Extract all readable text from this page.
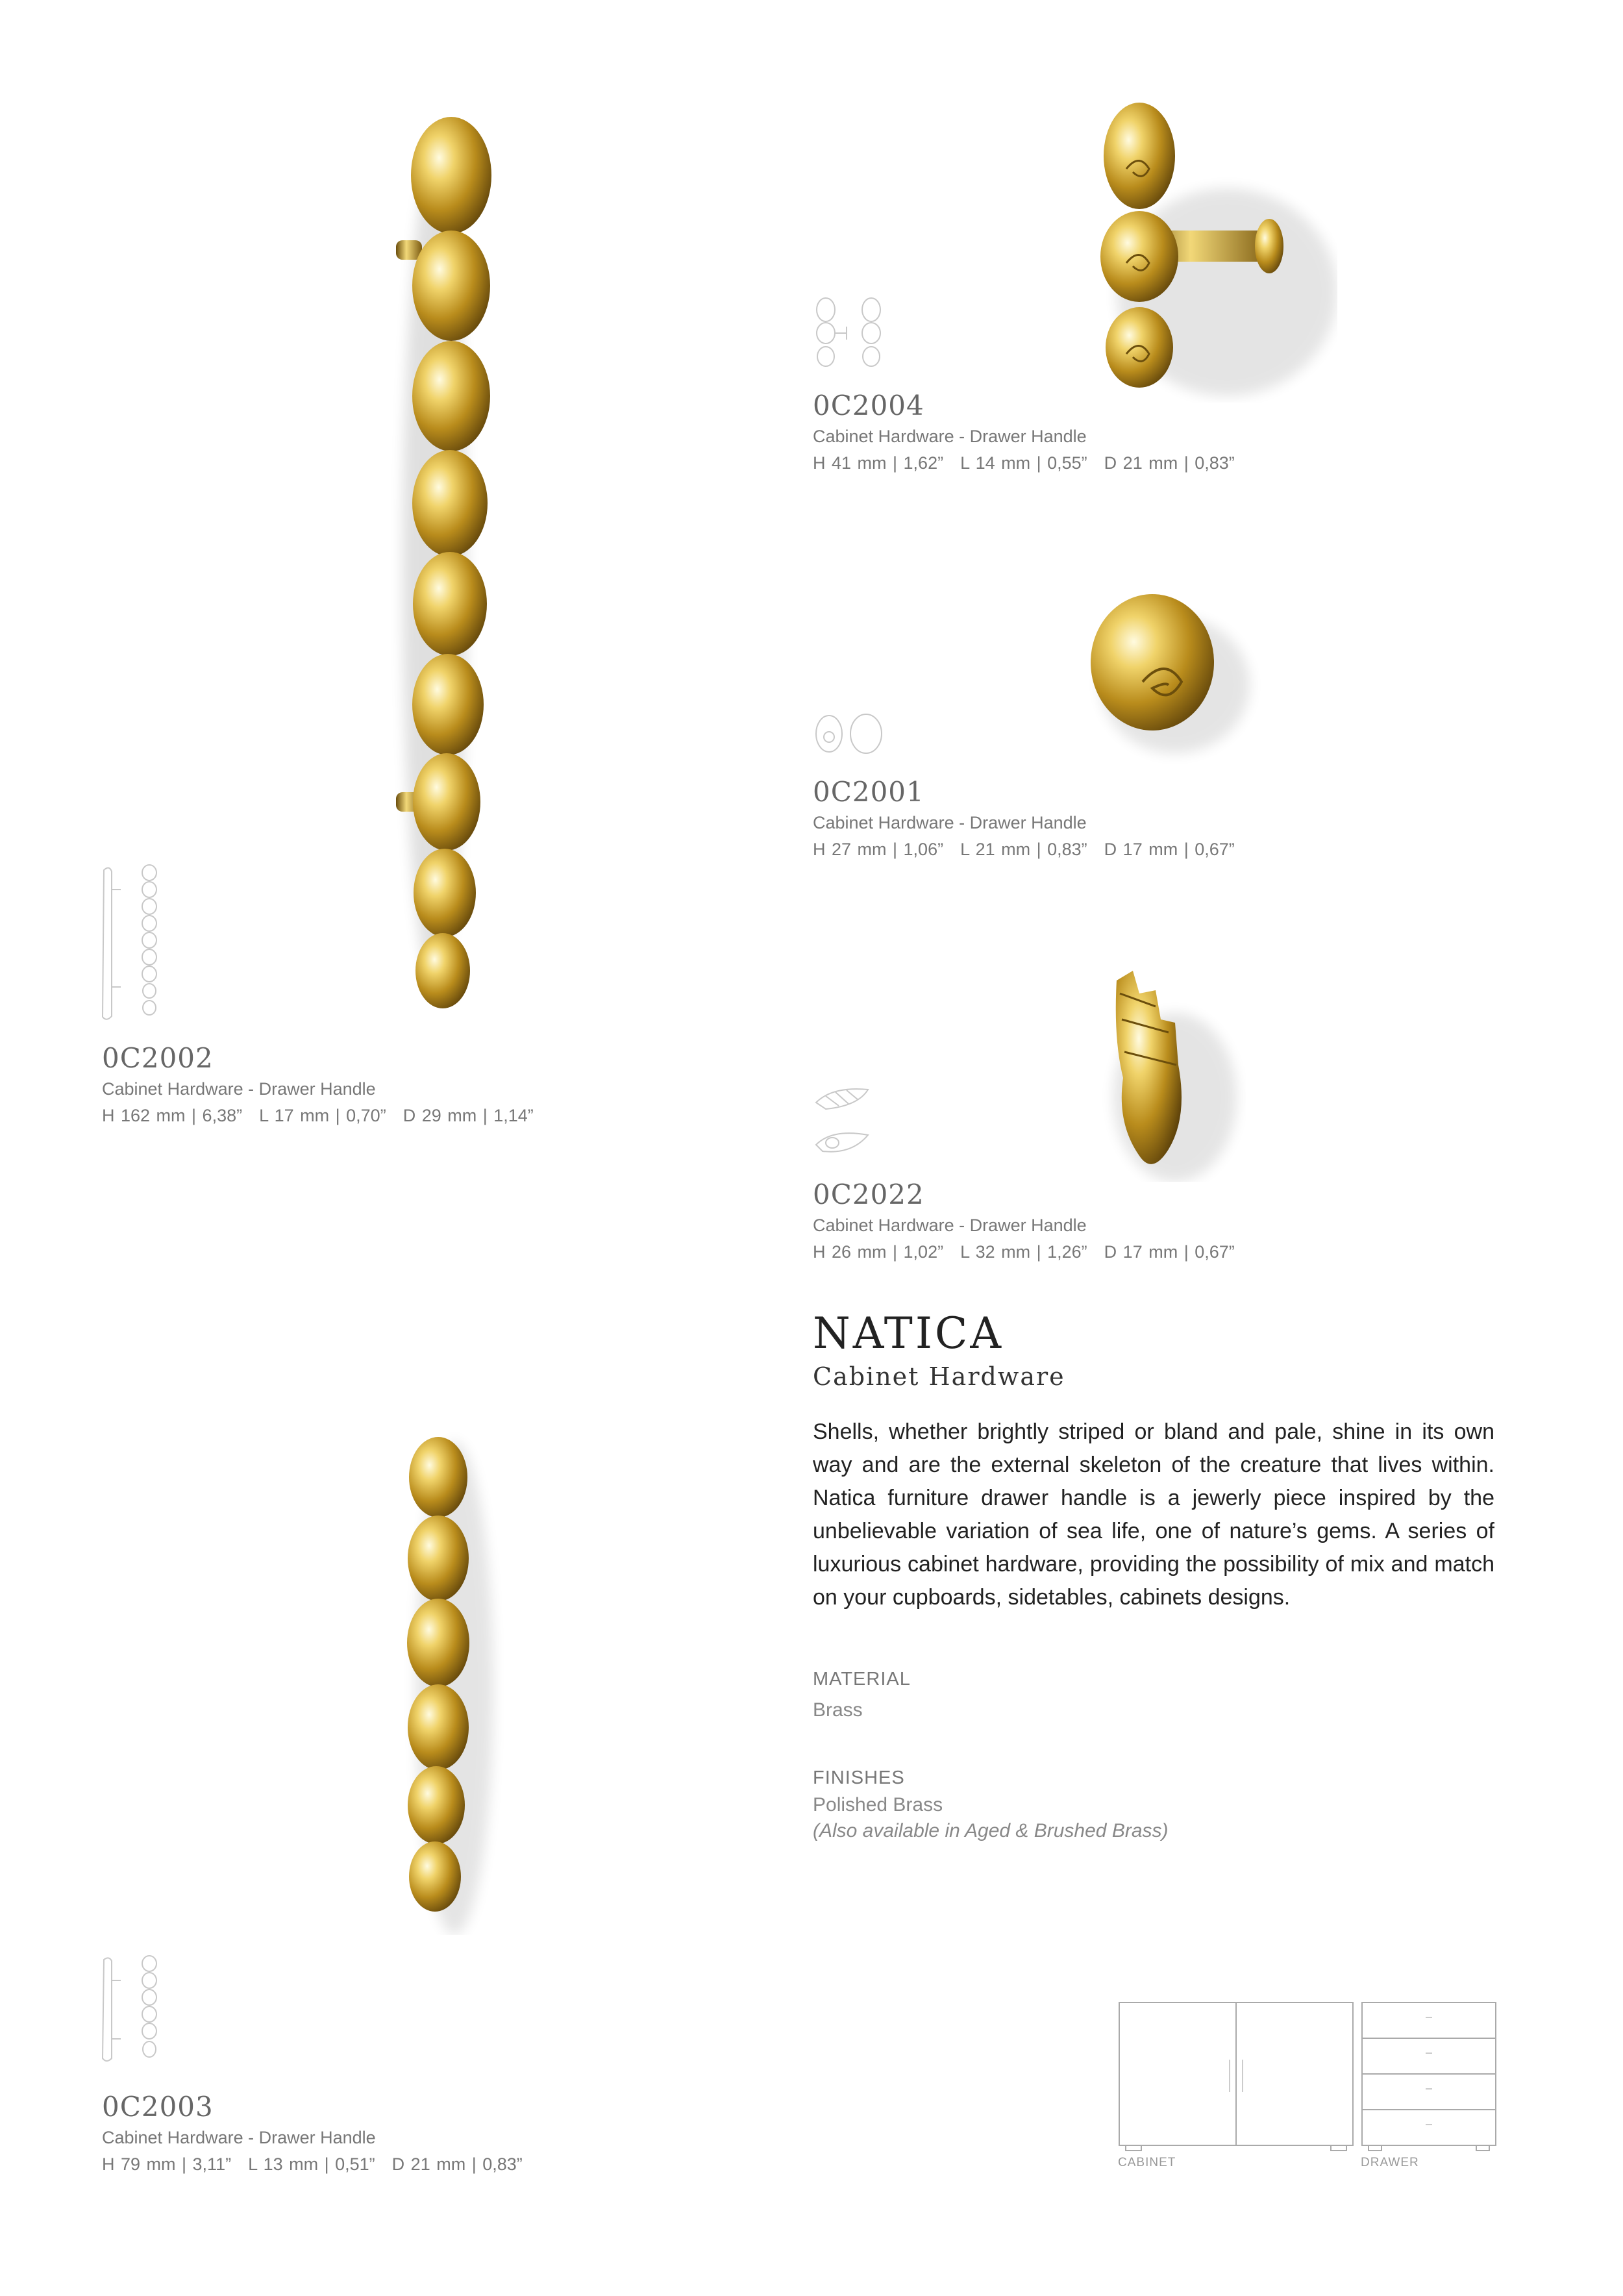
0C2002
Cabinet Hardware - Drawer Handle
H 162 mm | 6,38” L 17 mm | 0,70” D 29 mm | 1,14”
0C2004
Cabinet Hardware - Drawer Handle
H 41 mm | 1,62” L 14 mm | 0,55” D 21 mm | 0,83”
0C2001
Cabinet Hardware - Drawer Handle
H 27 mm | 1,06” L 21 mm | 0,83” D 17 mm | 0,67”
0C2022
Cabinet Hardware - Drawer Handle
H 26 mm | 1,02” L 32 mm | 1,26” D 17 mm | 0,67”
NATICA
Cabinet Hardware
Shells, whether brightly striped or bland and pale, shine in its own way and are the external skeleton of the creature that lives within. Natica furniture drawer handle is a jewerly piece inspired by the unbelievable variation of sea life, one of nature’s gems. A series of luxurious cabinet hardware, providing the possibility of mix and match on your cupboards, sidetables, cabinets designs.
MATERIAL
Brass
FINISHES
Polished Brass
(Also available in Aged & Brushed Brass)
0C2003
Cabinet Hardware - Drawer Handle
H 79 mm | 3,11” L 13 mm | 0,51” D 21 mm | 0,83”	CABINET	DRAWER
